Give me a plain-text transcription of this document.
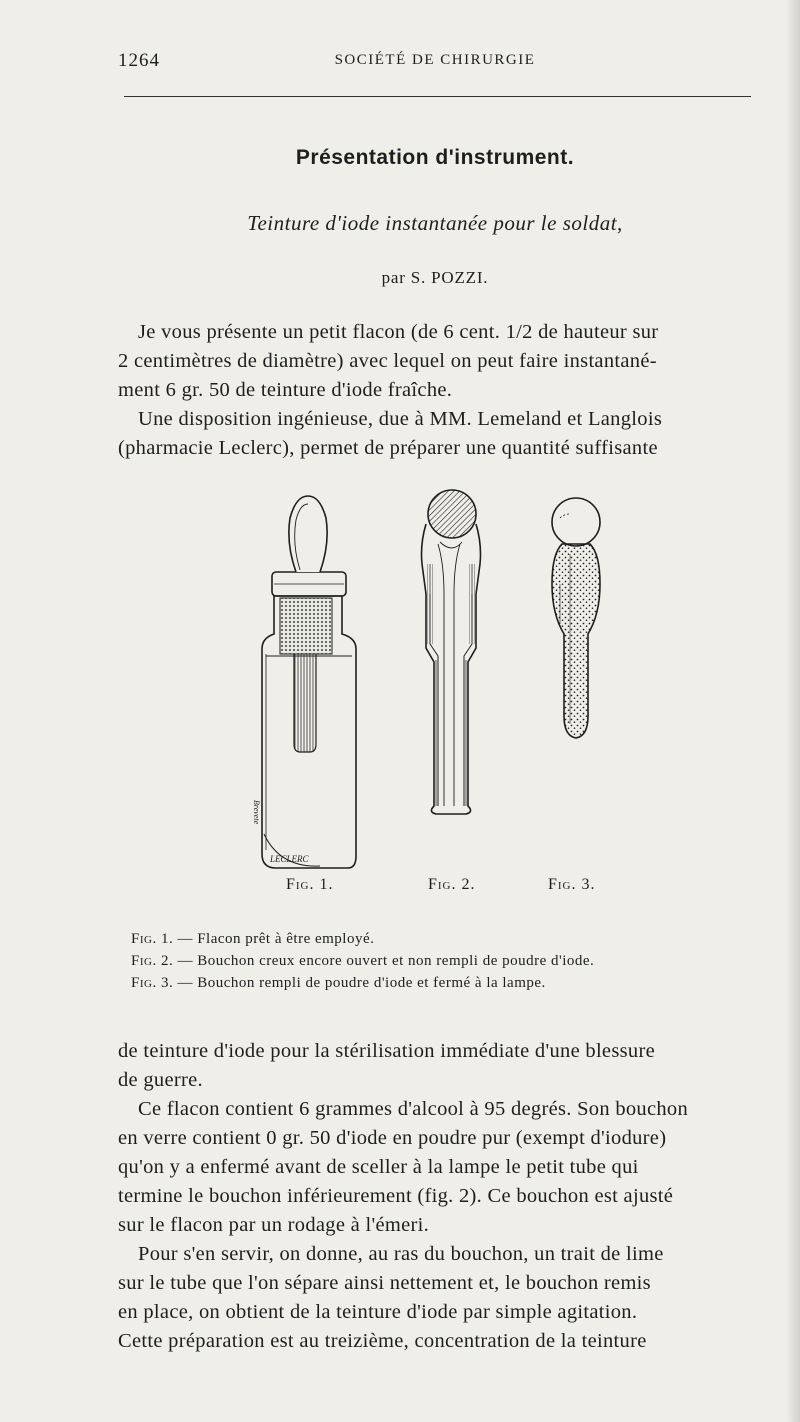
1264	SOCIÉTÉ DE CHIRURGIE
Présentation d'instrument.
Teinture d'iode instantanée pour le soldat,
par S. POZZI.
Je vous présente un petit flacon (de 6 cent. 1/2 de hauteur sur
2 centimètres de diamètre) avec lequel on peut faire instantané-
ment 6 gr. 50 de teinture d'iode fraîche.
Une disposition ingénieuse, due à MM. Lemeland et Langlois
(pharmacie Leclerc), permet de préparer une quantité suffisante
LECLERC
Brevete
Fig. 1.	Fig. 2.	Fig. 3.
Fig. 1. — Flacon prêt à être employé.
Fig. 2. — Bouchon creux encore ouvert et non rempli de poudre d'iode.
Fig. 3. — Bouchon rempli de poudre d'iode et fermé à la lampe.
de teinture d'iode pour la stérilisation immédiate d'une blessure
de guerre.
Ce flacon contient 6 grammes d'alcool à 95 degrés. Son bouchon
en verre contient 0 gr. 50 d'iode en poudre pur (exempt d'iodure)
qu'on y a enfermé avant de sceller à la lampe le petit tube qui
termine le bouchon inférieurement (fig. 2). Ce bouchon est ajusté
sur le flacon par un rodage à l'émeri.
Pour s'en servir, on donne, au ras du bouchon, un trait de lime
sur le tube que l'on sépare ainsi nettement et, le bouchon remis
en place, on obtient de la teinture d'iode par simple agitation.
Cette préparation est au treizième, concentration de la teinture
